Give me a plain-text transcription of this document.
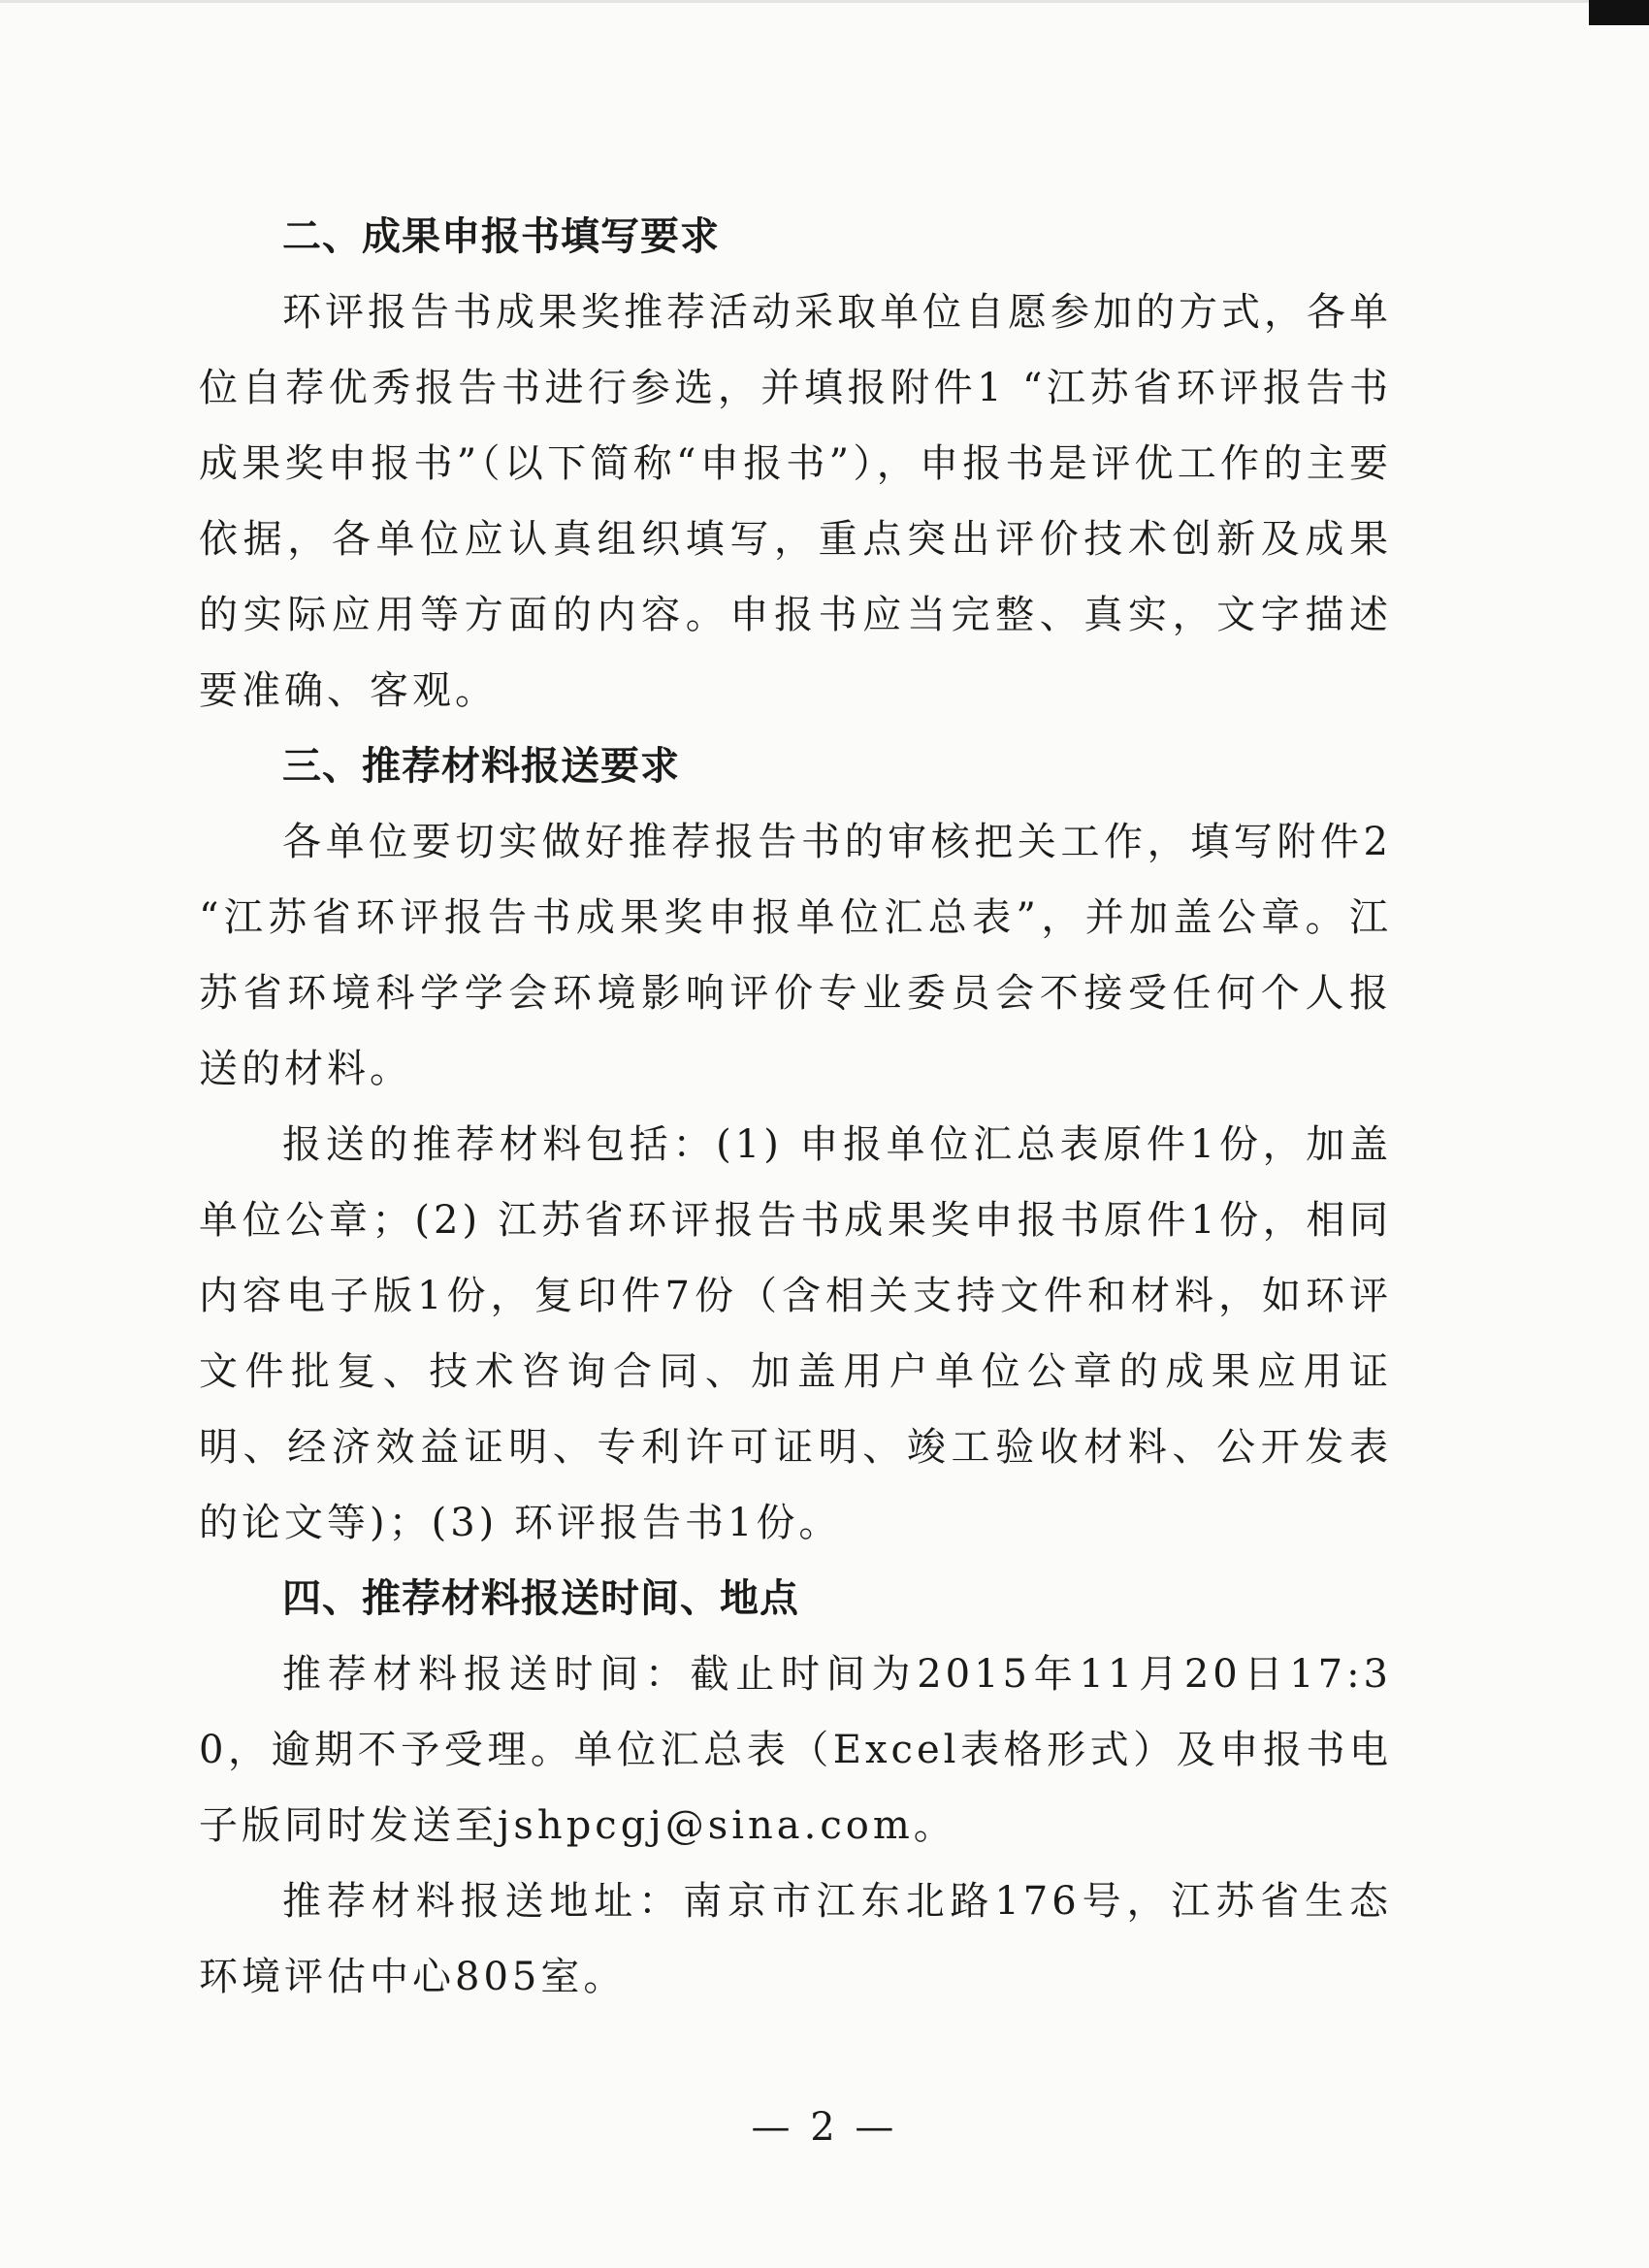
二、成果申报书填写要求

环评报告书成果奖推荐活动采取单位自愿参加的方式，各单位自荐优秀报告书进行参选，并填报附件1 “江苏省环评报告书成果奖申报书”（以下简称“申报书”），申报书是评优工作的主要依据，各单位应认真组织填写，重点突出评价技术创新及成果的实际应用等方面的内容。申报书应当完整、真实，文字描述要准确、客观。

三、推荐材料报送要求

各单位要切实做好推荐报告书的审核把关工作，填写附件2 “江苏省环评报告书成果奖申报单位汇总表”，并加盖公章。江苏省环境科学学会环境影响评价专业委员会不接受任何个人报送的材料。

报送的推荐材料包括：(1) 申报单位汇总表原件1份，加盖单位公章；(2) 江苏省环评报告书成果奖申报书原件1份，相同内容电子版1份，复印件7份（含相关支持文件和材料，如环评文件批复、技术咨询合同、加盖用户单位公章的成果应用证明、经济效益证明、专利许可证明、竣工验收材料、公开发表的论文等)；(3) 环评报告书1份。

四、推荐材料报送时间、地点

推荐材料报送时间：截止时间为2015年11月20日17:30，逾期不予受理。单位汇总表（Excel表格形式）及申报书电子版同时发送至jshpcgj@sina.com。

推荐材料报送地址：南京市江东北路176号，江苏省生态环境评估中心805室。

— 2 —
